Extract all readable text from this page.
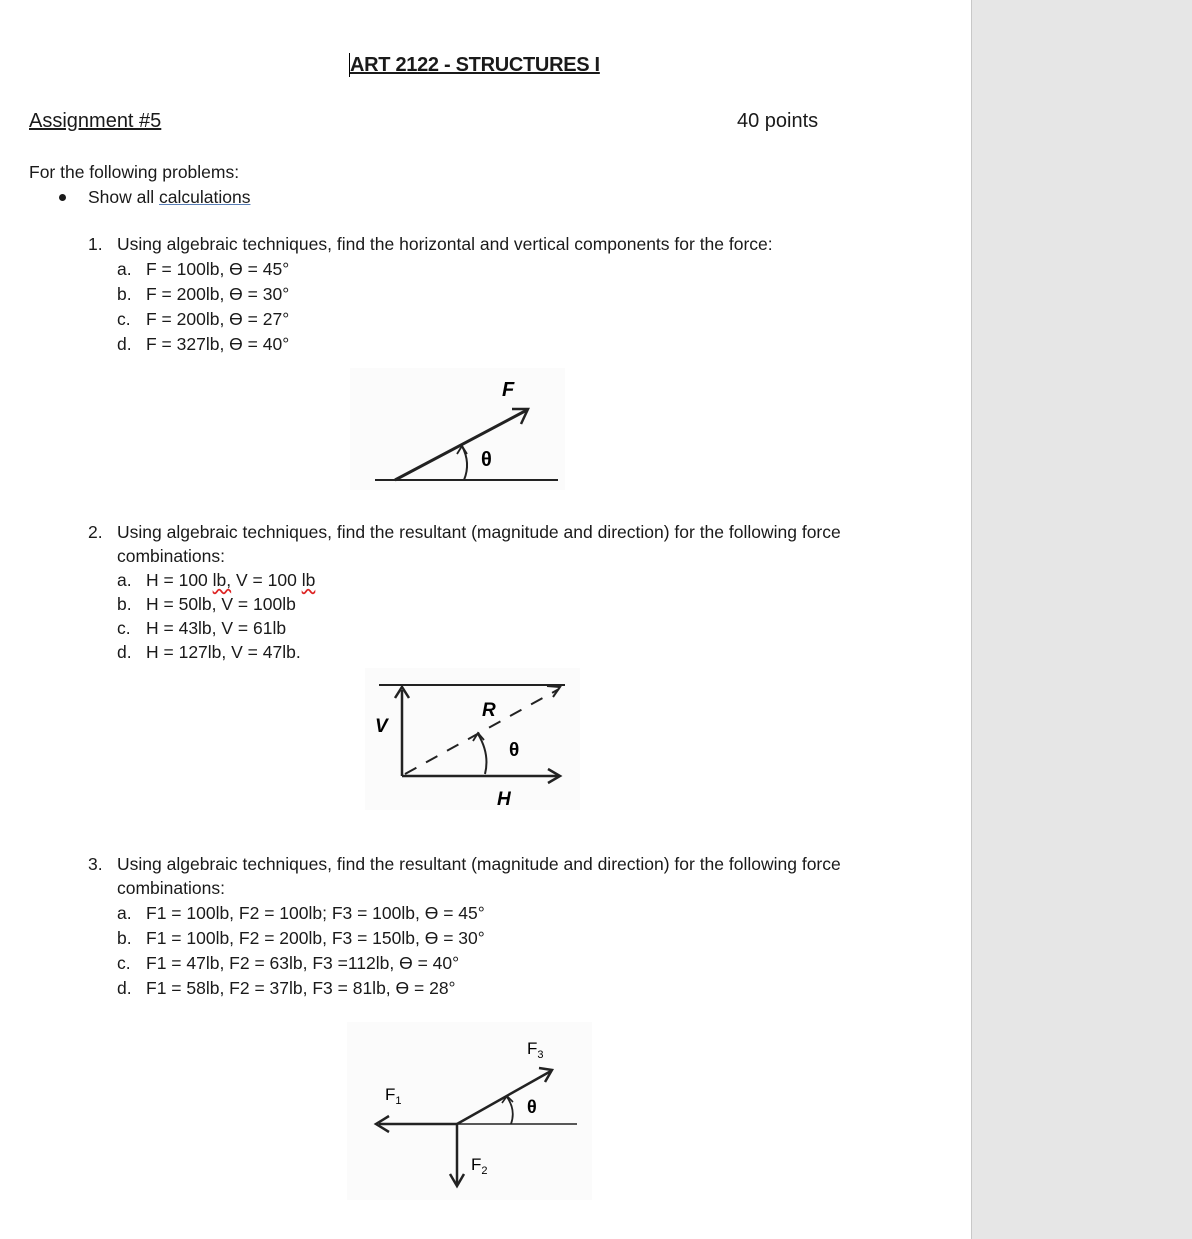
ART 2122 - STRUCTURES I
Assignment #5	40 points
For the following problems:
Show all calculations
1. Using algebraic techniques, find the horizontal and vertical components for the force:
a. F = 100lb, ϴ = 45°
b. F = 200lb, ϴ = 30°
c. F = 200lb, ϴ = 27°
d. F = 327lb, ϴ = 40°
F
θ
2. Using algebraic techniques, find the resultant (magnitude and direction) for the following force
combinations:
a. H = 100 lb, V = 100 lb
b. H = 50lb, V = 100lb
c. H = 43lb, V = 61lb
d. H = 127lb, V = 47lb.
V
R
θ
H
3. Using algebraic techniques, find the resultant (magnitude and direction) for the following force
combinations:
a. F1 = 100lb, F2 = 100lb; F3 = 100lb, ϴ = 45°
b. F1 = 100lb, F2 = 200lb, F3 = 150lb, ϴ = 30°
c. F1 = 47lb, F2 = 63lb, F3 =112lb, ϴ = 40°
d. F1 = 58lb, F2 = 37lb, F3 = 81lb, ϴ = 28°
$F_1$
$F_2$
$F_3$
θ
